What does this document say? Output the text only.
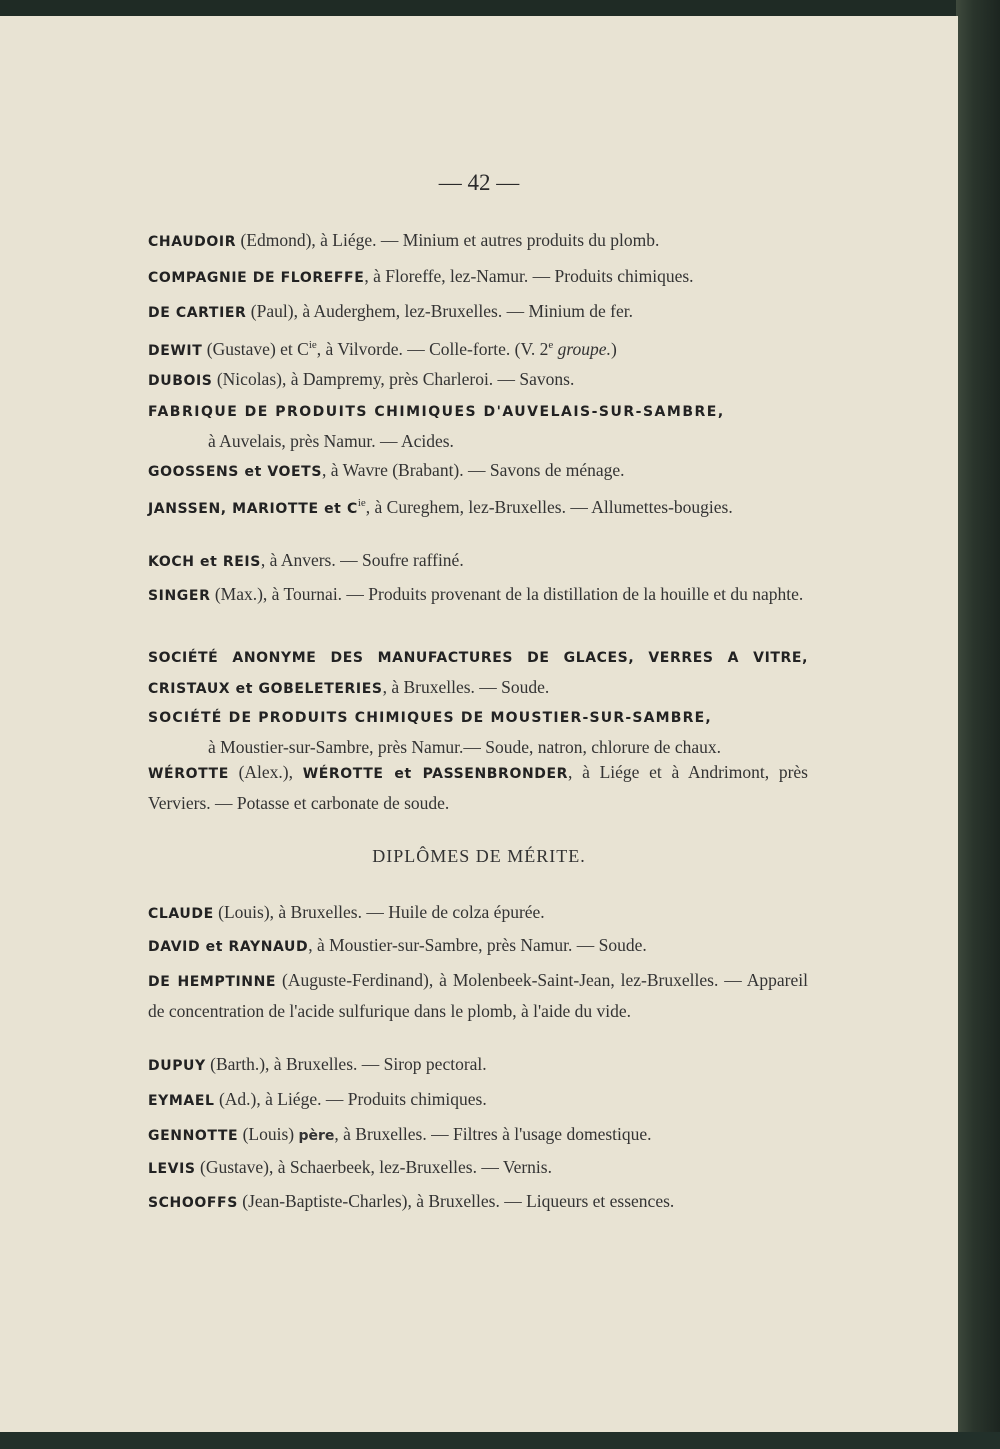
— 42 —
CHAUDOIR (Edmond), à Liége. — Minium et autres produits du plomb.
COMPAGNIE DE FLOREFFE, à Floreffe, lez-Namur. — Produits chimiques.
DE CARTIER (Paul), à Auderghem, lez-Bruxelles. — Minium de fer.
DEWIT (Gustave) et $C^{ie}$, à Vilvorde. — Colle-forte. (V. 2e groupe.)
DUBOIS (Nicolas), à Dampremy, près Charleroi. — Savons.
FABRIQUE DE PRODUITS CHIMIQUES D'AUVELAIS-SUR-SAMBRE,
à Auvelais, près Namur. — Acides.
GOOSSENS et VOETS, à Wavre (Brabant). — Savons de ménage.
JANSSEN, MARIOTTE et $C^{ie}$, à Cureghem, lez-Bruxelles. — Allumettes-bougies.
KOCH et REIS, à Anvers. — Soufre raffiné.
SINGER (Max.), à Tournai. — Produits provenant de la distillation de la houille et du naphte.
SOCIÉTÉ ANONYME DES MANUFACTURES DE GLACES, VERRES A VITRE, CRISTAUX et GOBELETERIES, à Bruxelles. — Soude.
SOCIÉTÉ DE PRODUITS CHIMIQUES DE MOUSTIER-SUR-SAMBRE,
à Moustier-sur-Sambre, près Namur.— Soude, natron, chlorure de chaux.
WÉROTTE (Alex.), WÉROTTE et PASSENBRONDER, à Liége et à Andrimont, près Verviers. — Potasse et carbonate de soude.
DIPLÔMES DE MÉRITE.
CLAUDE (Louis), à Bruxelles. — Huile de colza épurée.
DAVID et RAYNAUD, à Moustier-sur-Sambre, près Namur. — Soude.
DE HEMPTINNE (Auguste-Ferdinand), à Molenbeek-Saint-Jean, lez-Bruxelles. — Appareil de concentration de l'acide sulfurique dans le plomb, à l'aide du vide.
DUPUY (Barth.), à Bruxelles. — Sirop pectoral.
EYMAEL (Ad.), à Liége. — Produits chimiques.
GENNOTTE (Louis) père, à Bruxelles. — Filtres à l'usage domestique.
LEVIS (Gustave), à Schaerbeek, lez-Bruxelles. — Vernis.
SCHOOFFS (Jean-Baptiste-Charles), à Bruxelles. — Liqueurs et essences.
